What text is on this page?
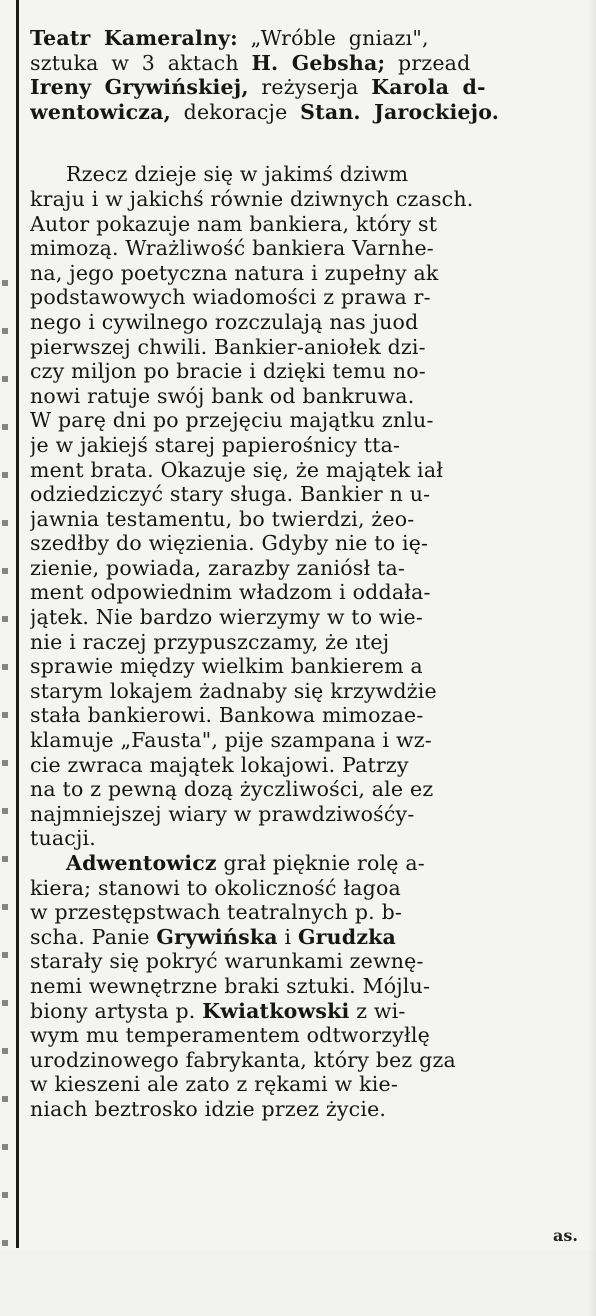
Teatr Kameralny: „Wróble gniazı",
sztuka w 3 aktach H. Gebsha; przead
Ireny Grywińskiej, reżyserja Karola d-
wentowicza, dekoracje Stan. Jarockiejo.
Rzecz dzieje się w jakimś dziwm
kraju i w jakichś równie dziwnych czasch.
Autor pokazuje nam bankiera, który st
mimozą. Wrażliwość bankiera Varnhe-
na, jego poetyczna natura i zupełny ak
podstawowych wiadomości z prawa r-
nego i cywilnego rozczulają nas juod
pierwszej chwili. Bankier-aniołek dzi-
czy miljon po bracie i dzięki temu no-
nowi ratuje swój bank od bankruwa.
W parę dni po przejęciu majątku znlu-
je w jakiejś starej papierośnicy tta-
ment brata. Okazuje się, że majątek iał
odziedziczyć stary sługa. Bankier n u-
jawnia testamentu, bo twierdzi, żeo-
szedłby do więzienia. Gdyby nie to ię-
zienie, powiada, zarazby zaniósł ta-
ment odpowiednim władzom i oddała-
jątek. Nie bardzo wierzymy w to wie-
nie i raczej przypuszczamy, że ıtej
sprawie między wielkim bankierem a
starym lokajem żadnaby się krzywdżie
stała bankierowi. Bankowa mimozae-
klamuje „Fausta", pije szampana i wz-
cie zwraca majątek lokajowi. Patrzy
na to z pewną dozą życzliwości, ale ez
najmniejszej wiary w prawdziwośćy-
tuacji.
Adwentowicz grał pięknie rolę a-
kiera; stanowi to okoliczność łagoa
w przestępstwach teatralnych p. b-
scha. Panie Grywińska i Grudzka
starały się pokryć warunkami zewnę-
nemi wewnętrzne braki sztuki. Mójlu-
biony artysta p. Kwiatkowski z wi-
wym mu temperamentem odtworzyłlę
urodzinowego fabrykanta, który bez gza
w kieszeni ale zato z rękami w kie-
niach beztrosko idzie przez życie.
as.
